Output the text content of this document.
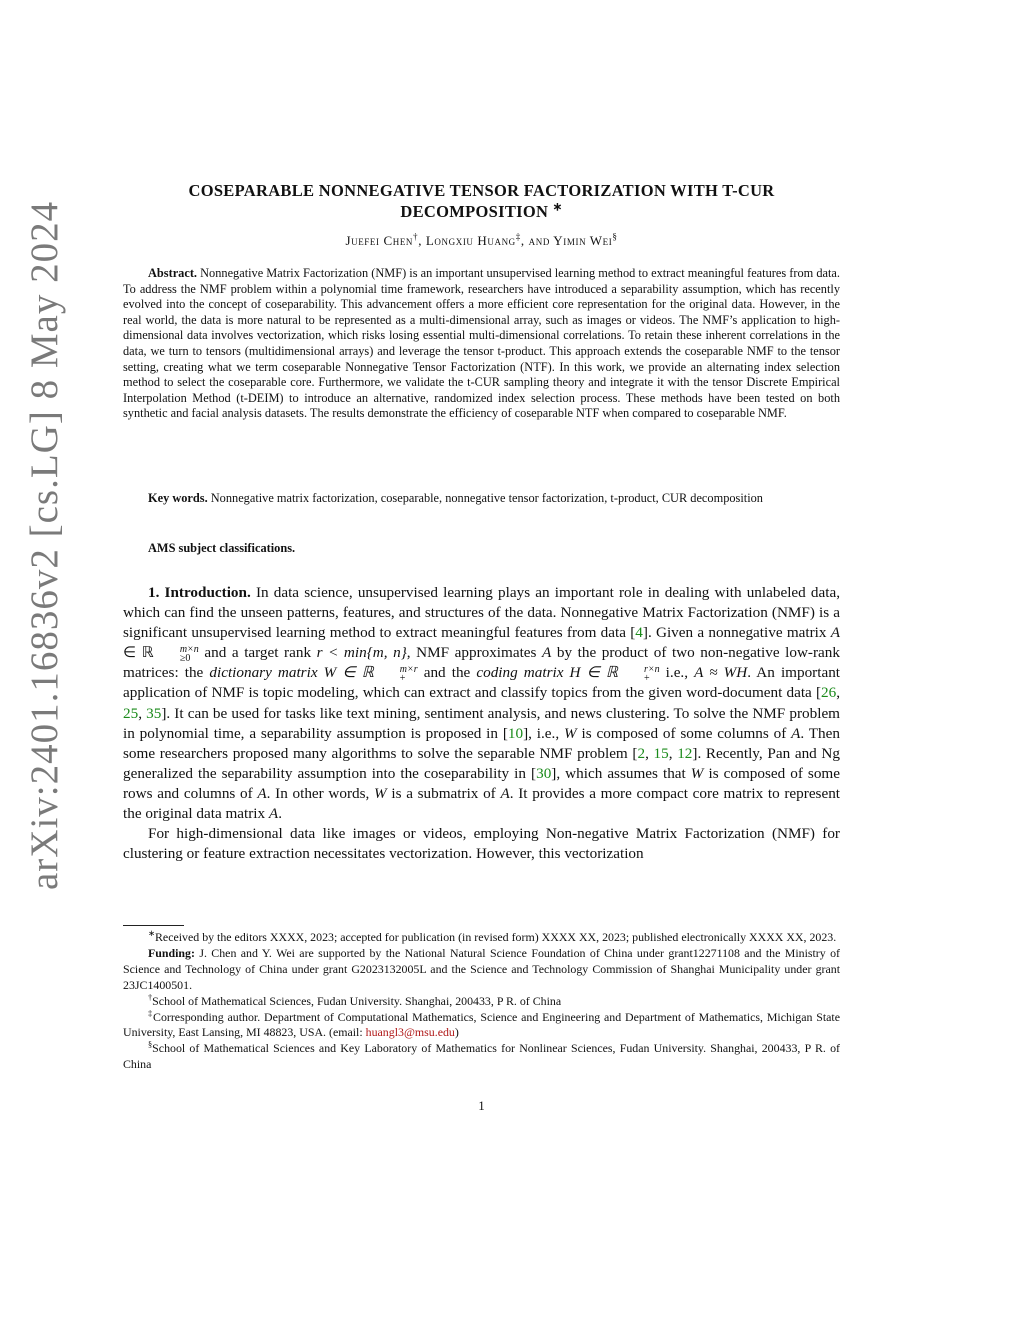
arXiv:2401.16836v2 [cs.LG] 8 May 2024
COSEPARABLE NONNEGATIVE TENSOR FACTORIZATION WITH T-CUR
DECOMPOSITION ∗
Juefei Chen†, Longxiu Huang‡, and Yimin Wei§
Abstract. Nonnegative Matrix Factorization (NMF) is an important unsupervised learning method to extract meaningful features from data. To address the NMF problem within a polynomial time framework, researchers have introduced a separability assumption, which has recently evolved into the concept of coseparability. This advancement offers a more efficient core representation for the original data. However, in the real world, the data is more natural to be represented as a multi-dimensional array, such as images or videos. The NMF’s application to high-dimensional data involves vectorization, which risks losing essential multi-dimensional correlations. To retain these inherent correlations in the data, we turn to tensors (multidimensional arrays) and leverage the tensor t-product. This approach extends the coseparable NMF to the tensor setting, creating what we term coseparable Nonnegative Tensor Factorization (NTF). In this work, we provide an alternating index selection method to select the coseparable core. Furthermore, we validate the t-CUR sampling theory and integrate it with the tensor Discrete Empirical Interpolation Method (t-DEIM) to introduce an alternative, randomized index selection process. These methods have been tested on both synthetic and facial analysis datasets. The results demonstrate the efficiency of coseparable NTF when compared to coseparable NMF.
Key words. Nonnegative matrix factorization, coseparable, nonnegative tensor factorization, t-product, CUR decomposition
AMS subject classifications.

1. Introduction. In data science, unsupervised learning plays an important role in dealing with unlabeled data, which can find the unseen patterns, features, and structures of the data. Nonnegative Matrix Factorization (NMF) is a significant unsupervised learning method to extract meaningful features from data [4]. Given a nonnegative matrix A ∈ ℝ	m×n
≥0 and a target rank r < min{m, n}, NMF approximates A by the product of two non-negative low-rank matrices: the dictionary matrix W ∈ ℝ	m×r
+ and the coding matrix H ∈ ℝ	r×n
+ i.e., A ≈ WH. An important application of NMF is topic modeling, which can extract and classify topics from the given word-document data [26, 25, 35]. It can be used for tasks like text mining, sentiment analysis, and news clustering. To solve the NMF problem in polynomial time, a separability assumption is proposed in [10], i.e., W is composed of some columns of A. Then some researchers proposed many algorithms to solve the separable NMF problem [2, 15, 12]. Recently, Pan and Ng generalized the separability assumption into the coseparability in [30], which assumes that W is composed of some rows and columns of A. In other words, W is a submatrix of A. It provides a more compact core matrix to represent the original data matrix A.

For high-dimensional data like images or videos, employing Non-negative Matrix Factorization (NMF) for clustering or feature extraction necessitates vectorization. However, this vectorization

∗Received by the editors XXXX, 2023; accepted for publication (in revised form) XXXX XX, 2023; published electronically XXXX XX, 2023.

Funding: J. Chen and Y. Wei are supported by the National Natural Science Foundation of China under grant12271108 and the Ministry of Science and Technology of China under grant G2023132005L and the Science and Technology Commission of Shanghai Municipality under grant 23JC1400501.

†School of Mathematical Sciences, Fudan University. Shanghai, 200433, P R. of China

‡Corresponding author. Department of Computational Mathematics, Science and Engineering and Department of Mathematics, Michigan State University, East Lansing, MI 48823, USA. (email: huangl3@msu.edu)

§School of Mathematical Sciences and Key Laboratory of Mathematics for Nonlinear Sciences, Fudan University. Shanghai, 200433, P R. of China

1
